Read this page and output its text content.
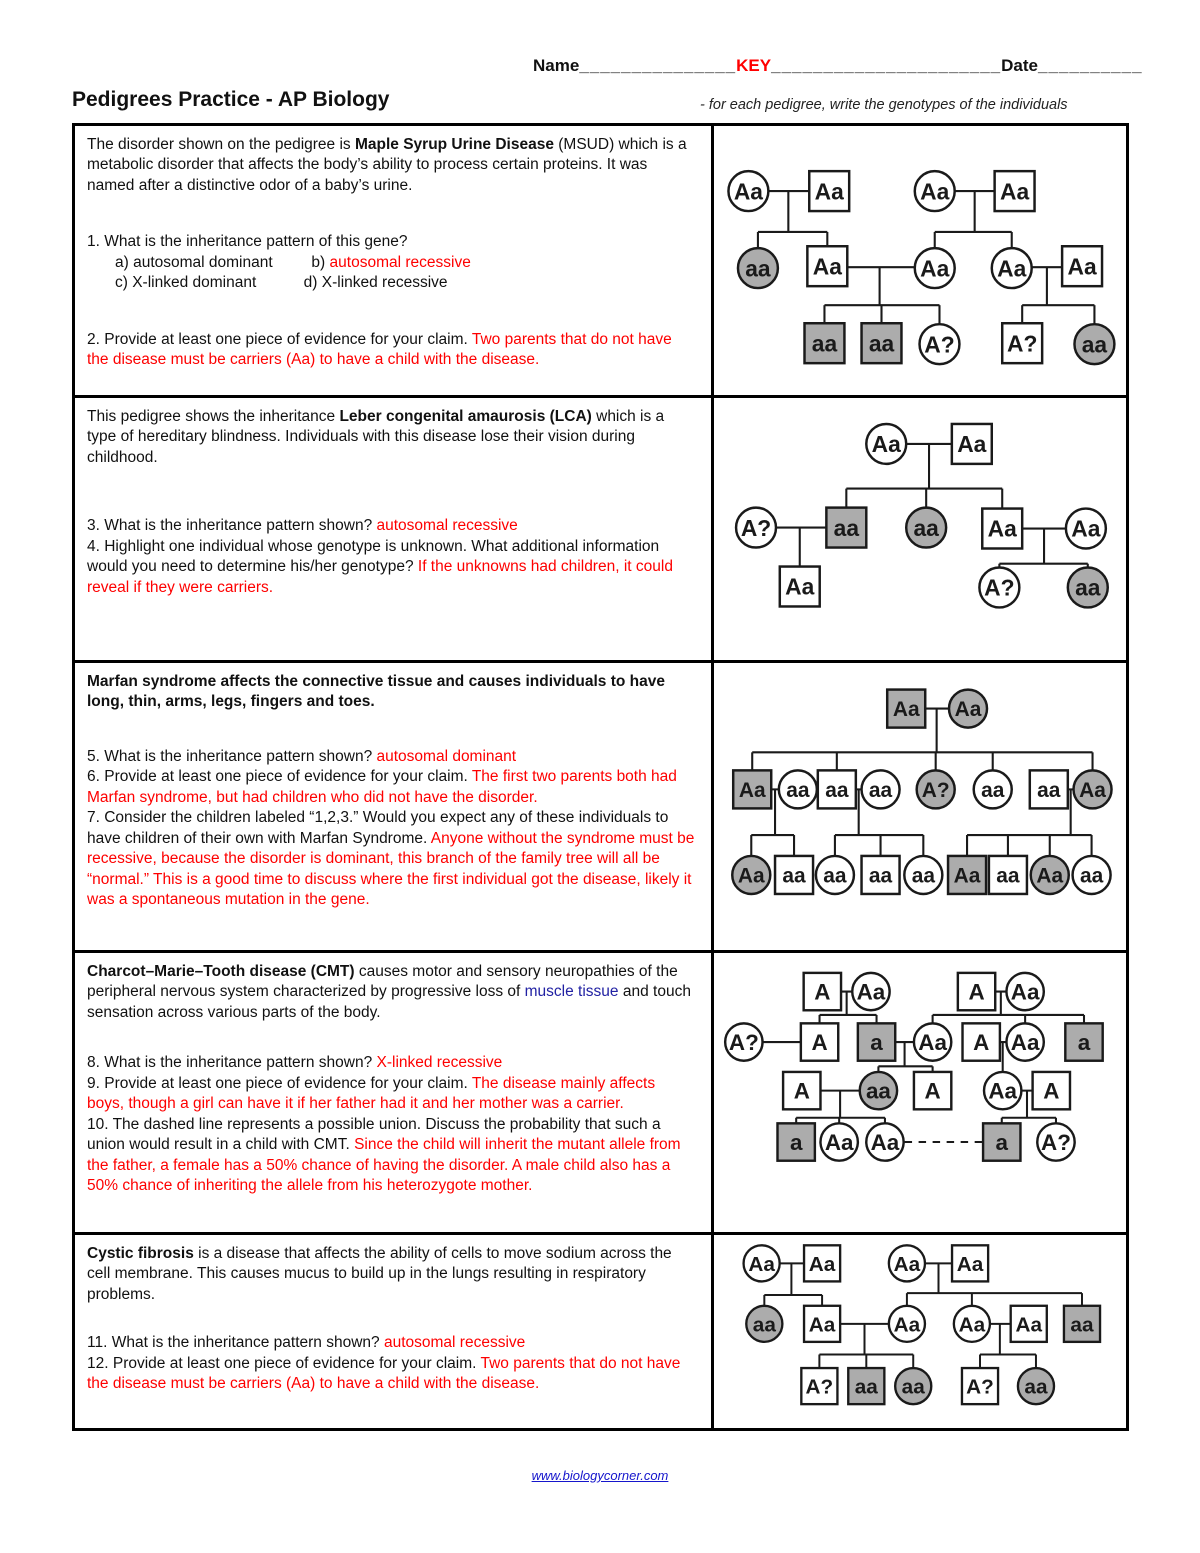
Name_______________KEY______________________Date__________
Pedigrees Practice - AP Biology	- for each pedigree, write the genotypes of the individuals

The disorder shown on the pedigree is Maple Syrup Urine Disease (MSUD) which is a metabolic disorder that affects the body’s ability to process certain proteins. It was named after a distinctive odor of a baby’s urine.

1. What is the inheritance pattern of this gene?

a) autosomal dominant         b) autosomal recessive

c) X-linked dominant           d) X-linked recessive

2. Provide at least one piece of evidence for your claim. Two parents that do not have the disease must be carriers (Aa) to have a child with the disease.

Aa Aa	Aa Aa
aa Aa	Aa Aa Aa
aa aa A? A? aa

This pedigree shows the inheritance Leber congenital amaurosis (LCA) which is a type of hereditary blindness. Individuals with this disease lose their vision during childhood.

3. What is the inheritance pattern shown? autosomal recessive

4. Highlight one individual whose genotype is unknown. What additional information would you need to determine his/her genotype? If the unknowns had children, it could reveal if they were carriers.

Aa Aa
A?	aa aa Aa Aa
Aa	A?	aa

Marfan syndrome affects the connective tissue and causes individuals to have long, thin, arms, legs, fingers and toes.

5. What is the inheritance pattern shown? autosomal dominant

6. Provide at least one piece of evidence for your claim. The first two parents both had Marfan syndrome, but had children who did not have the disorder.

7. Consider the children labeled “1,2,3.” Would you expect any of these individuals to have children of their own with Marfan Syndrome. Anyone without the syndrome must be recessive, because the disorder is dominant, this branch of the family tree will all be “normal.” This is a good time to discuss where the first individual got the disease, likely it was a spontaneous mutation in the gene.

Aa Aa
Aa aa aa aa A? aa aa Aa
Aa aa aa aa aa Aa aa Aa aa

Charcot–Marie–Tooth disease (CMT) causes motor and sensory neuropathies of the peripheral nervous system characterized by progressive loss of muscle tissue and touch sensation across various parts of the body.

8. What is the inheritance pattern shown? X-linked recessive

9. Provide at least one piece of evidence for your claim. The disease mainly affects boys, though a girl can have it if her father had it and her mother was a carrier.

10. The dashed line represents a possible union. Discuss the probability that such a union would result in a child with CMT. Since the child will inherit the mutant allele from the father, a female has a 50% chance of having the disorder. A male child also has a 50% chance of inheriting the allele from his heterozygote mother.

A Aa	A Aa
A? A a Aa A Aa a
A aa A Aa A
a Aa Aa	a A?

Cystic fibrosis is a disease that affects the ability of cells to move sodium across the cell membrane. This causes mucus to build up in the lungs resulting in respiratory problems.

11. What is the inheritance pattern shown? autosomal recessive

12. Provide at least one piece of evidence for your claim. Two parents that do not have the disease must be carriers (Aa) to have a child with the disease.

Aa Aa	Aa Aa
aa Aa	Aa Aa Aa aa
A? aa aa A? aa
www.biologycorner.com
